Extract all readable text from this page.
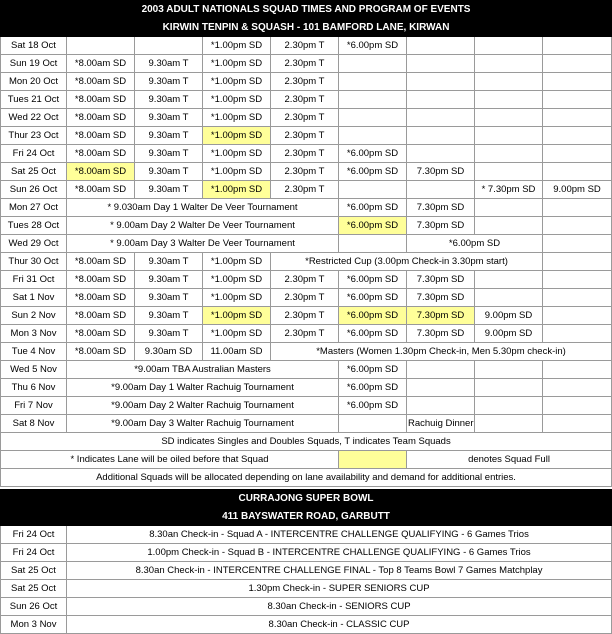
2003 ADULT NATIONALS SQUAD TIMES AND PROGRAM OF EVENTS								
KIRWIN TENPIN & SQUASH - 101 BAMFORD LANE, KIRWAN								
Sat 18 Oct			*1.00pm SD	2.30pm T	*6.00pm SD			
Sun 19 Oct	*8.00am SD	9.30am T	*1.00pm SD	2.30pm T				
Mon 20 Oct	*8.00am SD	9.30am T	*1.00pm SD	2.30pm T				
Tues 21 Oct	*8.00am SD	9.30am T	*1.00pm SD	2.30pm T				
Wed 22 Oct	*8.00am SD	9.30am T	*1.00pm SD	2.30pm T				
Thur 23 Oct	*8.00am SD	9.30am T	*1.00pm SD	2.30pm T				
Fri 24 Oct	*8.00am SD	9.30am T	*1.00pm SD	2.30pm T	*6.00pm SD			
Sat 25 Oct	*8.00am SD	9.30am T	*1.00pm SD	2.30pm T	*6.00pm SD	7.30pm SD		
Sun 26 Oct	*8.00am SD	9.30am T	*1.00pm SD	2.30pm T			* 7.30pm SD	9.00pm SD
Mon 27 Oct	* 9.030am Day 1 Walter De Veer Tournament				*6.00pm SD	7.30pm SD		
Tues 28 Oct	* 9.00am Day 2 Walter De Veer Tournament				*6.00pm SD	7.30pm SD		
Wed 29 Oct	* 9.00am Day 3 Walter De Veer Tournament					*6.00pm SD		
Thur 30 Oct	*8.00am SD	9.30am T	*1.00pm SD	*Restricted Cup (3.00pm Check-in 3.30pm start)				
Fri 31 Oct	*8.00am SD	9.30am T	*1.00pm SD	2.30pm T	*6.00pm SD	7.30pm SD		
Sat 1 Nov	*8.00am SD	9.30am T	*1.00pm SD	2.30pm T	*6.00pm SD	7.30pm SD		
Sun 2 Nov	*8.00am SD	9.30am T	*1.00pm SD	2.30pm T	*6.00pm SD	7.30pm SD	9.00pm SD	
Mon 3 Nov	*8.00am SD	9.30am T	*1.00pm SD	2.30pm T	*6.00pm SD	7.30pm SD	9.00pm SD	
Tue 4 Nov	*8.00am SD	9.30am SD	11.00am SD	*Masters (Women 1.30pm Check-in, Men 5.30pm check-in)				
Wed 5 Nov	*9.00am TBA Australian Masters				*6.00pm SD			
Thu 6 Nov	*9.00am Day 1 Walter Rachuig Tournament				*6.00pm SD			
Fri 7 Nov	*9.00am Day 2 Walter Rachuig Tournament				*6.00pm SD			
Sat 8 Nov	*9.00am Day 3 Walter Rachuig Tournament					Rachuig Dinner		
SD indicates Singles and Doubles Squads, T indicates Team Squads								
* Indicates Lane will be oiled before that Squad						denotes Squad Full		
Additional Squads will be allocated depending on lane availability and demand for additional entries.								

CURRAJONG SUPER BOWL								
411 BAYSWATER ROAD, GARBUTT								
Fri 24 Oct	8.30an Check-in - Squad A - INTERCENTRE CHALLENGE QUALIFYING - 6 Games Trios							
Fri 24 Oct	1.00pm Check-in - Squad B - INTERCENTRE CHALLENGE QUALIFYING - 6 Games Trios							
Sat 25 Oct	8.30an Check-in - INTERCENTRE CHALLENGE FINAL - Top 8 Teams Bowl 7 Games Matchplay							
Sat 25 Oct	1.30pm Check-in - SUPER SENIORS CUP							
Sun 26 Oct	8.30an Check-in - SENIORS CUP							
Mon 3 Nov	8.30an Check-in - CLASSIC CUP							
